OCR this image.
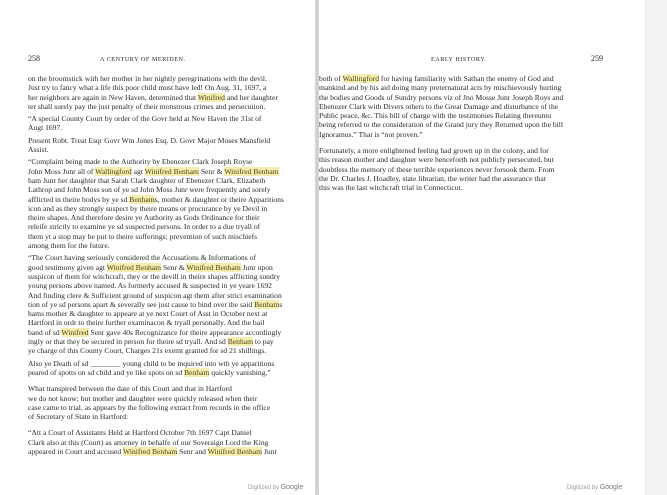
258	A CENTURY OF MERIDEN.

on the broomstick with her mother in her nightly peregrinations with the devil.
Just try to fancy what a life this poor child must have led! On Aug. 31, 1697, a
her neighbors are again in New Haven, determined that Winifred and her daughter
ter shall surely pay the just penalty of their monstrous crimes and persecution.

“A special County Court by order of the Govr held at New Haven the 31st of
Augt 1697.

Present Robt. Treat Esqr Govr Wm Jones Esq. D. Govr Major Moses Mansfield
Assist.

“Complaint being made to the Authority by Ebenezer Clark Joseph Royse
John Moss Junr all of Wallingford agt Winifred Benham Senr & Winifred Benham
ham Junr her daughter that Sarah Clark daughter of Ebenezer Clark, Elizabeth
Lathrop and John Moss son of ye sd John Moss Junr were frequently and sorely
afflicted in theire bodys by ye sd Benhams, mother & daughter or theire Apparitions
icon and as they strongly suspect by theire means or procurance by ye Devil in
theire shapes. And therefore desire ye Authority as Gods Ordinance for their
releife strictly to examine ye sd suspected persons. In order to a due tryall of
them yt a stop may be put to theire sufferings; prevention of such mischiefs
among them for the future.

“The Court having seriously considered the Accusations & Informations of
good testimony given agt Winifred Benham Senr & Winifred Benham Junr upon
suspicon of them for witchcraft, they or the devill in theire shapes afflicting sundry
young persons above named. As formerly accused & suspected in ye yeare 1692
And finding clere & Sufficient ground of suspicon agt them after strict examination
tion of ye sd persons apart & severally see just cause to bind over the said Benhams
hams mother & daughter to appeare at ye next Court of Asst in October next at
Hartford in ordr to theire further examinacon & tryall personally. And the bail
band of sd Winifred Senr gave 40s Recognizance for theire appearance accordingly
ingly or that they be secured in person for theire sd tryall. And sd Benham to pay
ye charge of this County Court, Charges 21s exemt granted for sd 21 shillings.

Also ye Death of sd ________ young child to be inquired into wth ye apparitions
peared of spotts on sd child and ye like spots on sd Benham quickly vanishing.”

What transpired between the date of this Court and that in Hartford
we do not know; but mother and daughter were quickly released when their
case came to trial, as appears by the following extract from records in the office
of Secretary of State in Hartford:

“Att a Court of Assistants Held at Hartford October 7th 1697 Capt Daniel
Clark also at this (Court) as attorney in behalfe of our Soveraign Lord the King
appeared in Court and accused Winifred Benham Senr and Winifred Benham Junr

Digitized by Google
EARLY HISTORY.	259

both of Wallingford for having familiarity with Sathan the enemy of God and
mankind and by his aid doing many preternatural acts by mischievously hurting
the bodies and Goods of Sundry persons viz of Jno Mosse Junr Joseph Roys and
Ebenezer Clark with Divers others to the Great Damage and disturbance of the
Public peace, &c. This bill of charge with the testimonies Relating thereunto
being referred to the consideration of the Grand jury they Returned upon the bill
Ignoramus.” That is “not proven.”

Fortunately, a more enlightened feeling had grown up in the colony, and for
this reason mother and daughter were henceforth not publicly persecuted, but
doubtless the memory of these terrible experiences never forsook them. From
the Dr. Charles J. Hoadley, state librarian, the writer had the assurance that
this was the last witchcraft trial in Connecticut.

Digitized by Google
